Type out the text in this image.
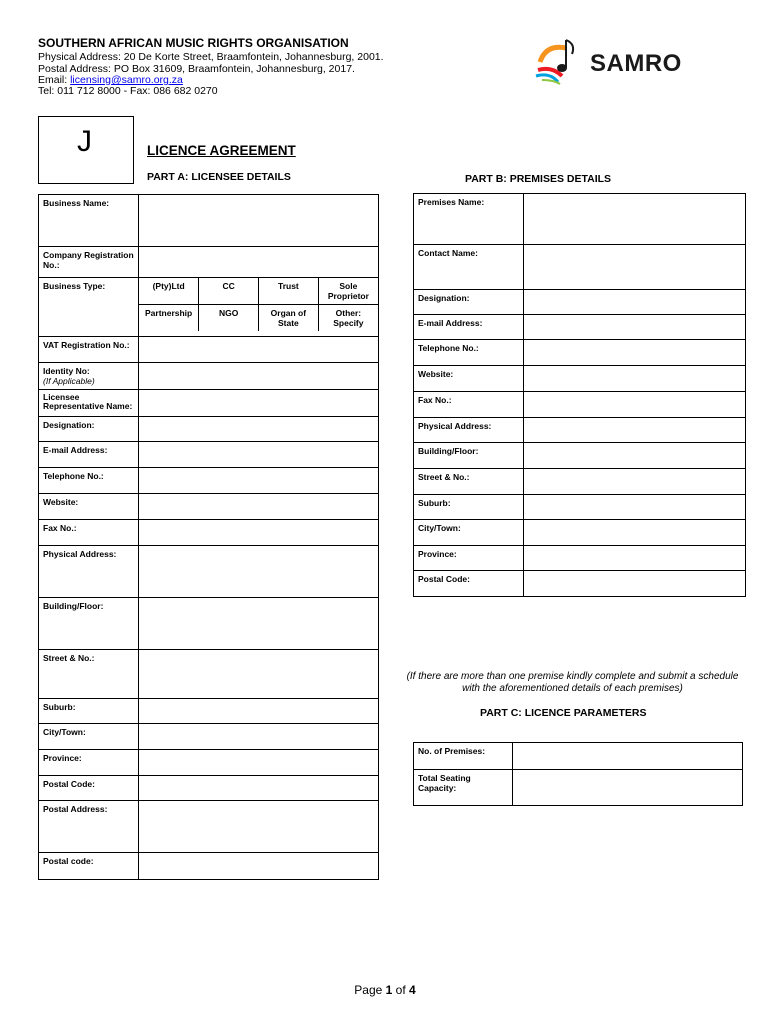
SOUTHERN AFRICAN MUSIC RIGHTS ORGANISATION
Physical Address: 20 De Korte Street, Braamfontein, Johannesburg, 2001.
Postal Address: PO Box 31609, Braamfontein, Johannesburg, 2017.
Email: licensing@samro.org.za
Tel: 011 712 8000 - Fax: 086 682 0270
SAMRO
J	LICENCE AGREEMENT
PART A: LICENSEE DETAILS	PART B: PREMISES DETAILS
Business Name:	
Company Registration No.:	
Business Type:		(Pty)Ltd	CC	Trust	Sole Proprietor
Partnership	NGO	Organ of State	Other: Specify

VAT Registration No.:	
Identity No:
(If Applicable)	
Licensee Representative Name:	
Designation:	
E-mail Address:	
Telephone No.:	
Website:	
Fax No.:	
Physical Address:	
Building/Floor:	
Street & No.:	
Suburb:	
City/Town:	
Province:	
Postal Code:	
Postal Address:	
Postal code:	
Premises Name:	
Contact Name:	
Designation:	
E-mail Address:	
Telephone No.:	
Website:	
Fax No.:	
Physical Address:	
Building/Floor:	
Street & No.:	
Suburb:	
City/Town:	
Province:	
Postal Code:	
(If there are more than one premise kindly complete and submit a schedule with the aforementioned details of each premises)
PART C: LICENCE PARAMETERS
No. of Premises:	
Total Seating Capacity:	
Page 1 of 4
